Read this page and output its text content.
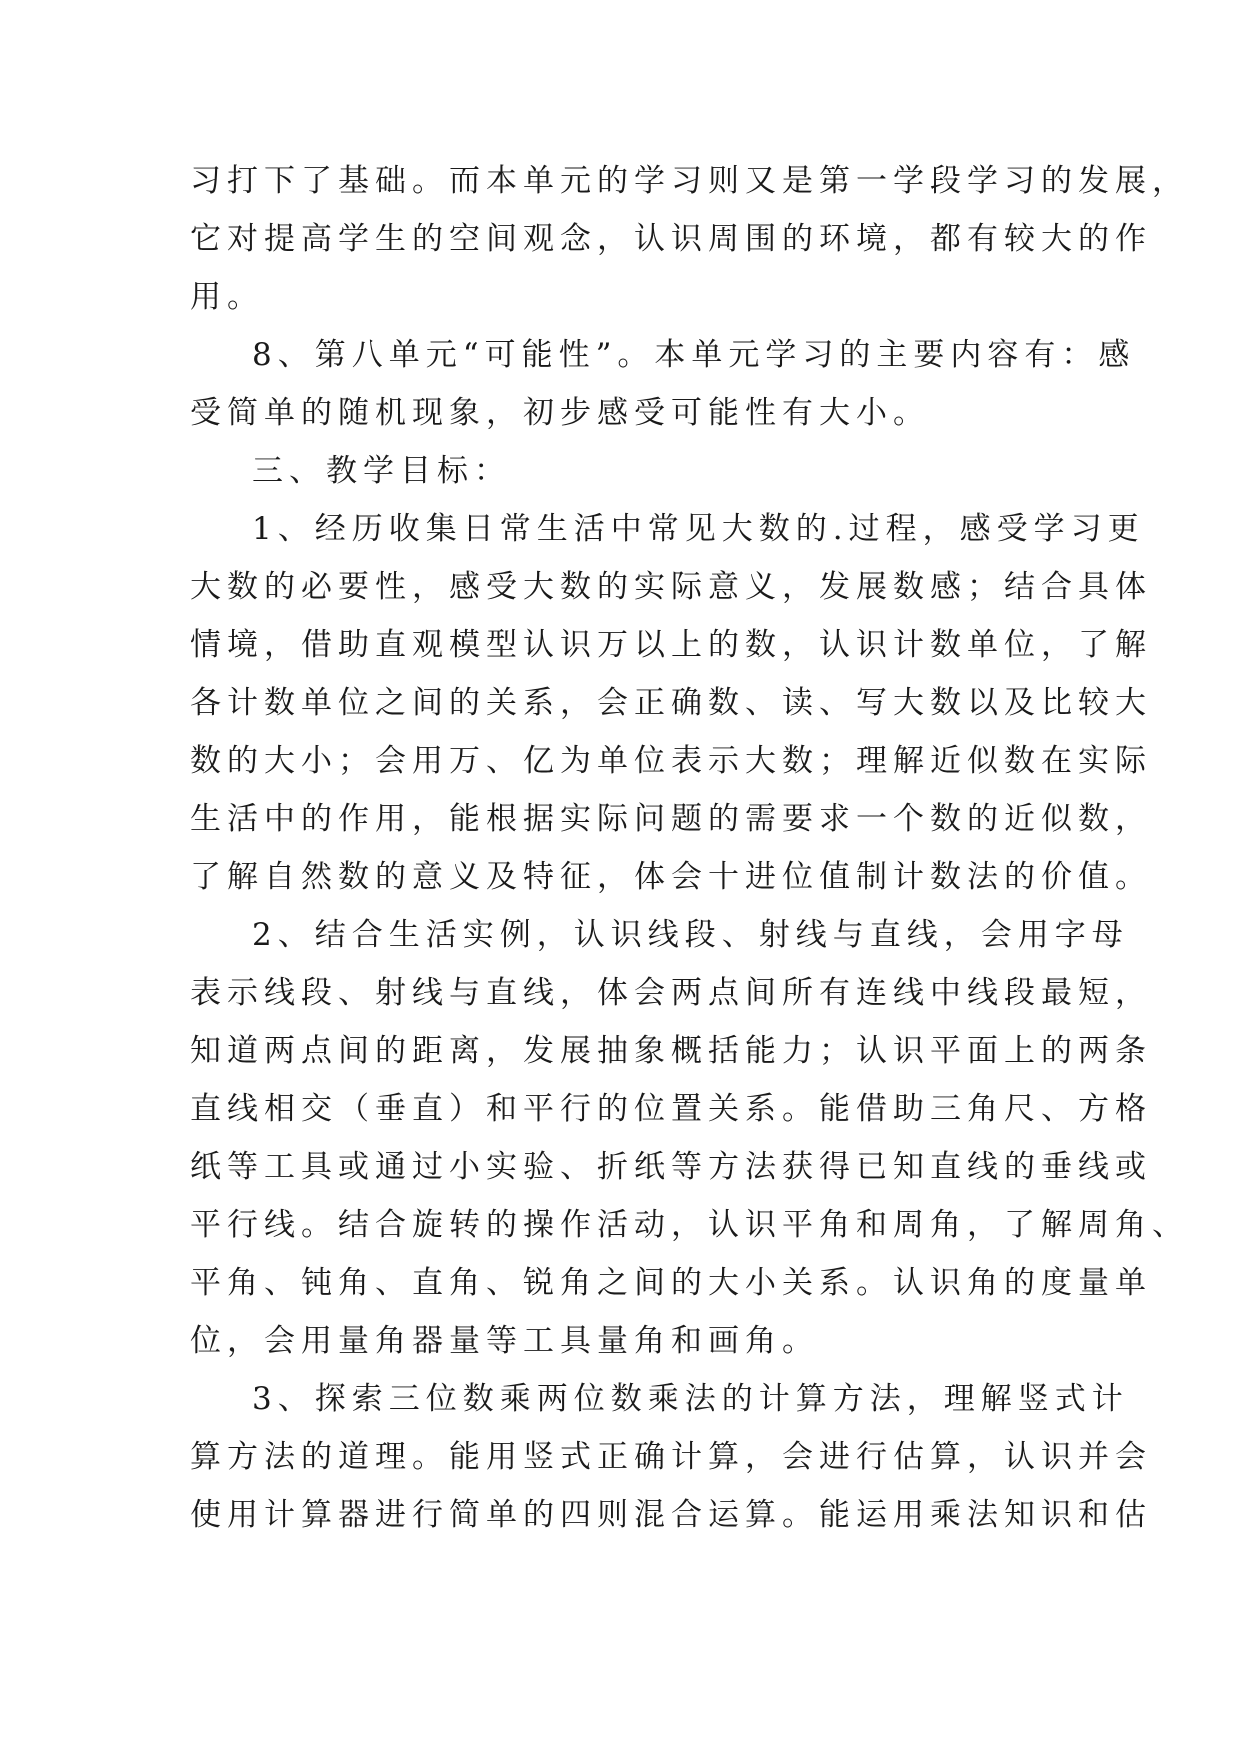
习打下了基础。而本单元的学习则又是第一学段学习的发展，
它对提高学生的空间观念，认识周围的环境，都有较大的作
用。

8、第八单元“可能性”。本单元学习的主要内容有：感
受简单的随机现象，初步感受可能性有大小。

三、教学目标：

1、经历收集日常生活中常见大数的.过程，感受学习更
大数的必要性，感受大数的实际意义，发展数感；结合具体
情境，借助直观模型认识万以上的数，认识计数单位，了解
各计数单位之间的关系，会正确数、读、写大数以及比较大
数的大小；会用万、亿为单位表示大数；理解近似数在实际
生活中的作用，能根据实际问题的需要求一个数的近似数，
了解自然数的意义及特征，体会十进位值制计数法的价值。

2、结合生活实例，认识线段、射线与直线，会用字母
表示线段、射线与直线，体会两点间所有连线中线段最短，
知道两点间的距离，发展抽象概括能力；认识平面上的两条
直线相交（垂直）和平行的位置关系。能借助三角尺、方格
纸等工具或通过小实验、折纸等方法获得已知直线的垂线或
平行线。结合旋转的操作活动，认识平角和周角，了解周角、
平角、钝角、直角、锐角之间的大小关系。认识角的度量单
位，会用量角器量等工具量角和画角。

3、探索三位数乘两位数乘法的计算方法，理解竖式计
算方法的道理。能用竖式正确计算，会进行估算，认识并会
使用计算器进行简单的四则混合运算。能运用乘法知识和估
